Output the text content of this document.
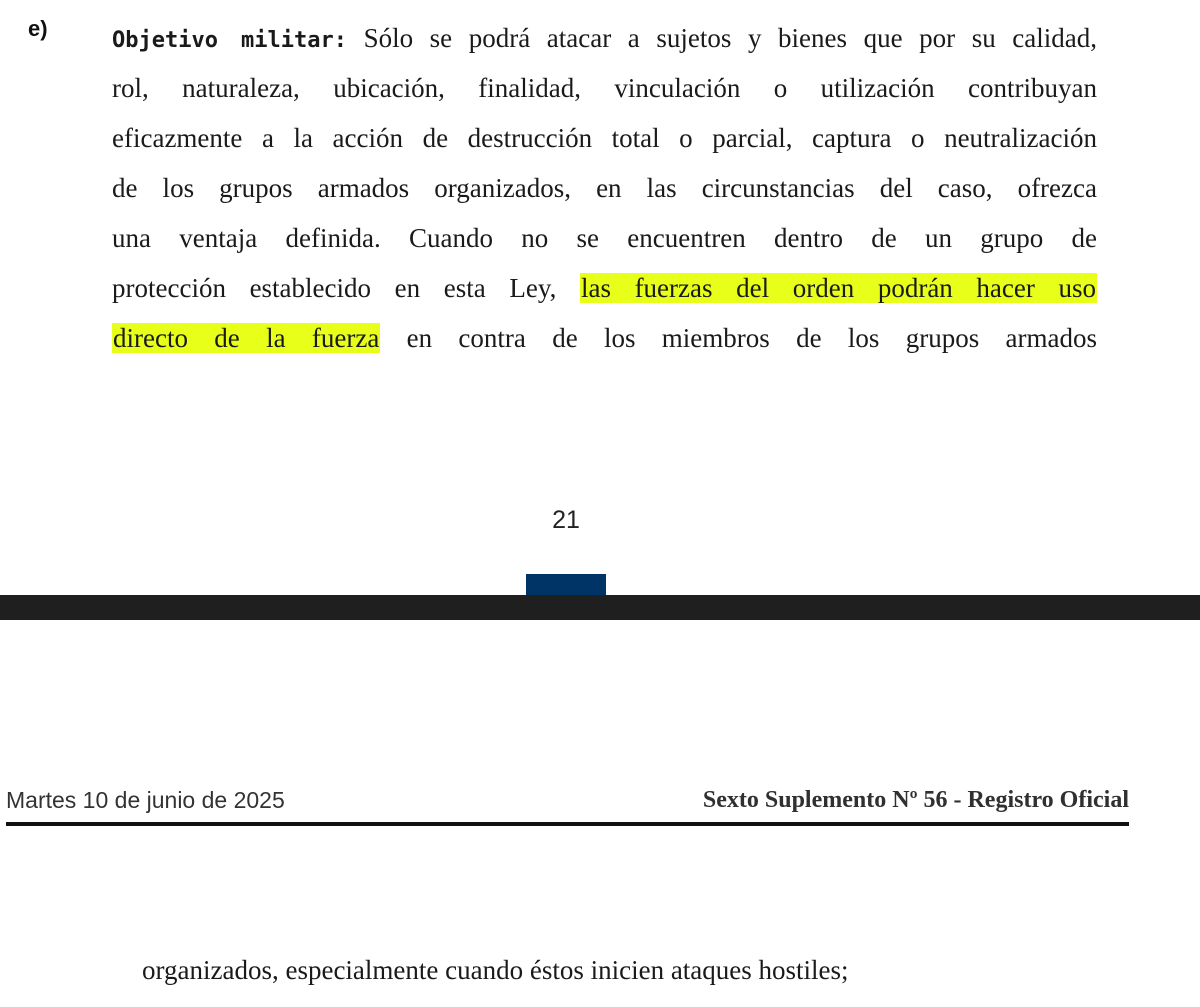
e)	Objetivo militar: Sólo se podrá atacar a sujetos y bienes que por su calidad,
rol, naturaleza, ubicación, finalidad, vinculación o utilización contribuyan
eficazmente a la acción de destrucción total o parcial, captura o neutralización
de los grupos armados organizados, en las circunstancias del caso, ofrezca
una ventaja definida. Cuando no se encuentren dentro de un grupo de
protección establecido en esta Ley, las fuerzas del orden podrán hacer uso
directo de la fuerza en contra de los miembros de los grupos armados
21
Martes 10 de junio de 2025	Sexto Suplemento Nº 56 - Registro Oficial
organizados, especialmente cuando éstos inicien ataques hostiles;
